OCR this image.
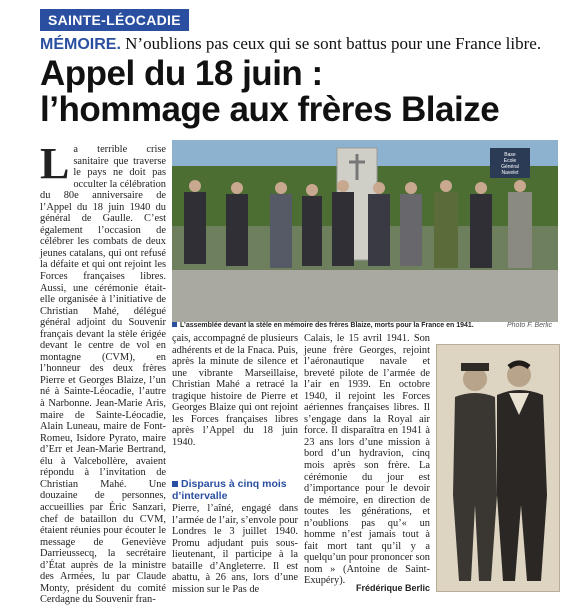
SAINTE-LÉOCADIE
MÉMOIRE. N’oublions pas ceux qui se sont battus pour une France libre.
Appel du 18 juin :
l’hommage aux frères Blaize
L a terrible crise sanitaire que traverse le pays ne doit pas occulter la célébration du 80e anniversaire de l’Appel du 18 juin 1940 du général de Gaulle. C’est également l’occasion de célébrer les combats de deux jeunes catalans, qui ont refusé la défaite et qui ont rejoint les Forces françaises libres. Aussi, une cérémonie était-elle organisée à l’initiative de Christian Mahé, délégué général adjoint du Souvenir français devant la stèle érigée devant le centre de vol en montagne (CVM), en l’honneur des deux frères Pierre et Georges Blaize, l’un né à Sainte-Léocadie, l’autre à Narbonne. Jean-Marie Aris, maire de Sainte-Léocadie, Alain Luneau, maire de Font-Romeu, Isidore Pyrato, maire d’Err et Jean-Marie Bertrand, élu à Valcebollère, avaient répondu à l’invitation de Christian Mahé. Une douzaine de personnes, accueillies par Éric Sanzari, chef de bataillon du CVM, étaient réunies pour écouter le message de Geneviève Darrieussecq, la secrétaire d’État auprès de la ministre des Armées, lu par Claude Monty, président du comité Cerdagne du Souvenir fran-

Base
Ecole
Général
Navelet
L’assemblée devant la stèle en mémoire des frères Blaize, morts pour la France en 1941.	Photo F. Berlic

çais, accompagné de plusieurs adhérents et de la Fnaca. Puis, après la minute de silence et une vibrante Marseillaise, Christian Mahé a retracé la tragique histoire de Pierre et Georges Blaize qui ont rejoint les Forces françaises libres après l’Appel du 18 juin 1940.

Disparus à cinq mois d’intervalle

Pierre, l’aîné, engagé dans l’armée de l’air, s’envole pour Londres le 3 juillet 1940. Promu adjudant puis sous-lieutenant, il participe à la bataille d’Angleterre. Il est abattu, à 26 ans, lors d’une mission sur le Pas de

Calais, le 15 avril 1941. Son jeune frère Georges, rejoint l’aéronautique navale et breveté pilote de l’armée de l’air en 1939. En octobre 1940, il rejoint les Forces aériennes françaises libres. Il s’engage dans la Royal air force. Il disparaîtra en 1941 à 23 ans lors d’une mission à bord d’un hydravion, cinq mois après son frère. La cérémonie du jour est d’importance pour le devoir de mémoire, en direction de toutes les générations, et n’oublions pas qu’« un homme n’est jamais tout à fait mort tant qu’il y a quelqu’un pour prononcer son nom » (Antoine de Saint-Exupéry).

Frédérique Berlic
